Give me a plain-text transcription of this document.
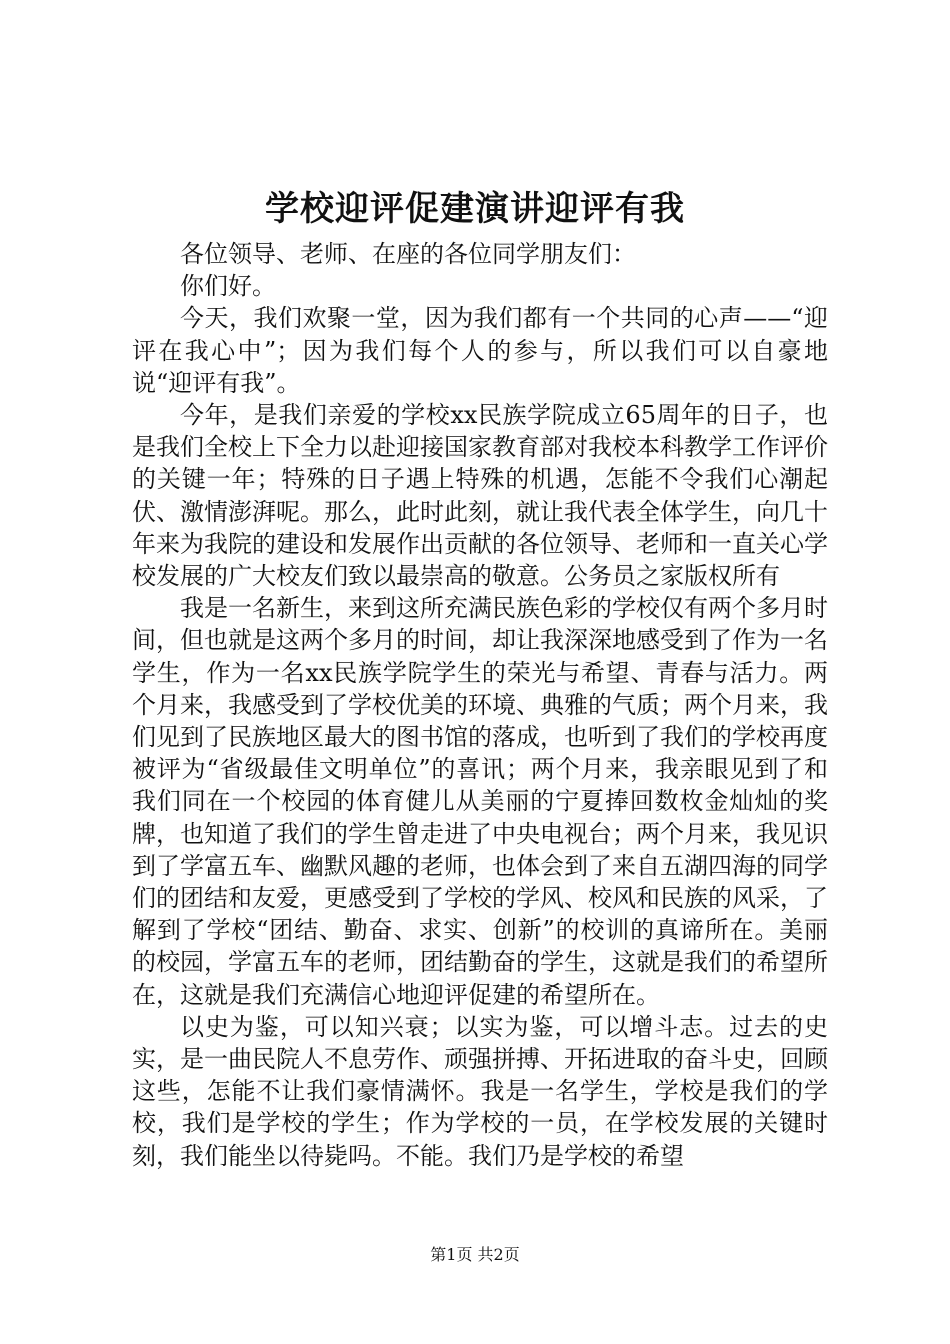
学校迎评促建演讲迎评有我

各位领导、老师、在座的各位同学朋友们：

你们好。

今天，我们欢聚一堂，因为我们都有一个共同的心声——“迎评在我心中”；因为我们每个人的参与，所以我们可以自豪地说“迎评有我”。

今年，是我们亲爱的学校xx民族学院成立65周年的日子，也是我们全校上下全力以赴迎接国家教育部对我校本科教学工作评价的关键一年；特殊的日子遇上特殊的机遇，怎能不令我们心潮起伏、激情澎湃呢。那么，此时此刻，就让我代表全体学生，向几十年来为我院的建设和发展作出贡献的各位领导、老师和一直关心学校发展的广大校友们致以最崇高的敬意。公务员之家版权所有

我是一名新生，来到这所充满民族色彩的学校仅有两个多月时间，但也就是这两个多月的时间，却让我深深地感受到了作为一名学生，作为一名xx民族学院学生的荣光与希望、青春与活力。两个月来，我感受到了学校优美的环境、典雅的气质；两个月来，我们见到了民族地区最大的图书馆的落成，也听到了我们的学校再度被评为“省级最佳文明单位”的喜讯；两个月来，我亲眼见到了和我们同在一个校园的体育健儿从美丽的宁夏捧回数枚金灿灿的奖牌，也知道了我们的学生曾走进了中央电视台；两个月来，我见识到了学富五车、幽默风趣的老师，也体会到了来自五湖四海的同学们的团结和友爱，更感受到了学校的学风、校风和民族的风采，了解到了学校“团结、勤奋、求实、创新”的校训的真谛所在。美丽的校园，学富五车的老师，团结勤奋的学生，这就是我们的希望所在，这就是我们充满信心地迎评促建的希望所在。

以史为鉴，可以知兴衰；以实为鉴，可以增斗志。过去的史实，是一曲民院人不息劳作、顽强拼搏、开拓进取的奋斗史，回顾这些，怎能不让我们豪情满怀。我是一名学生，学校是我们的学校，我们是学校的学生；作为学校的一员，在学校发展的关键时刻，我们能坐以待毙吗。不能。我们乃是学校的希望

第1页 共2页
